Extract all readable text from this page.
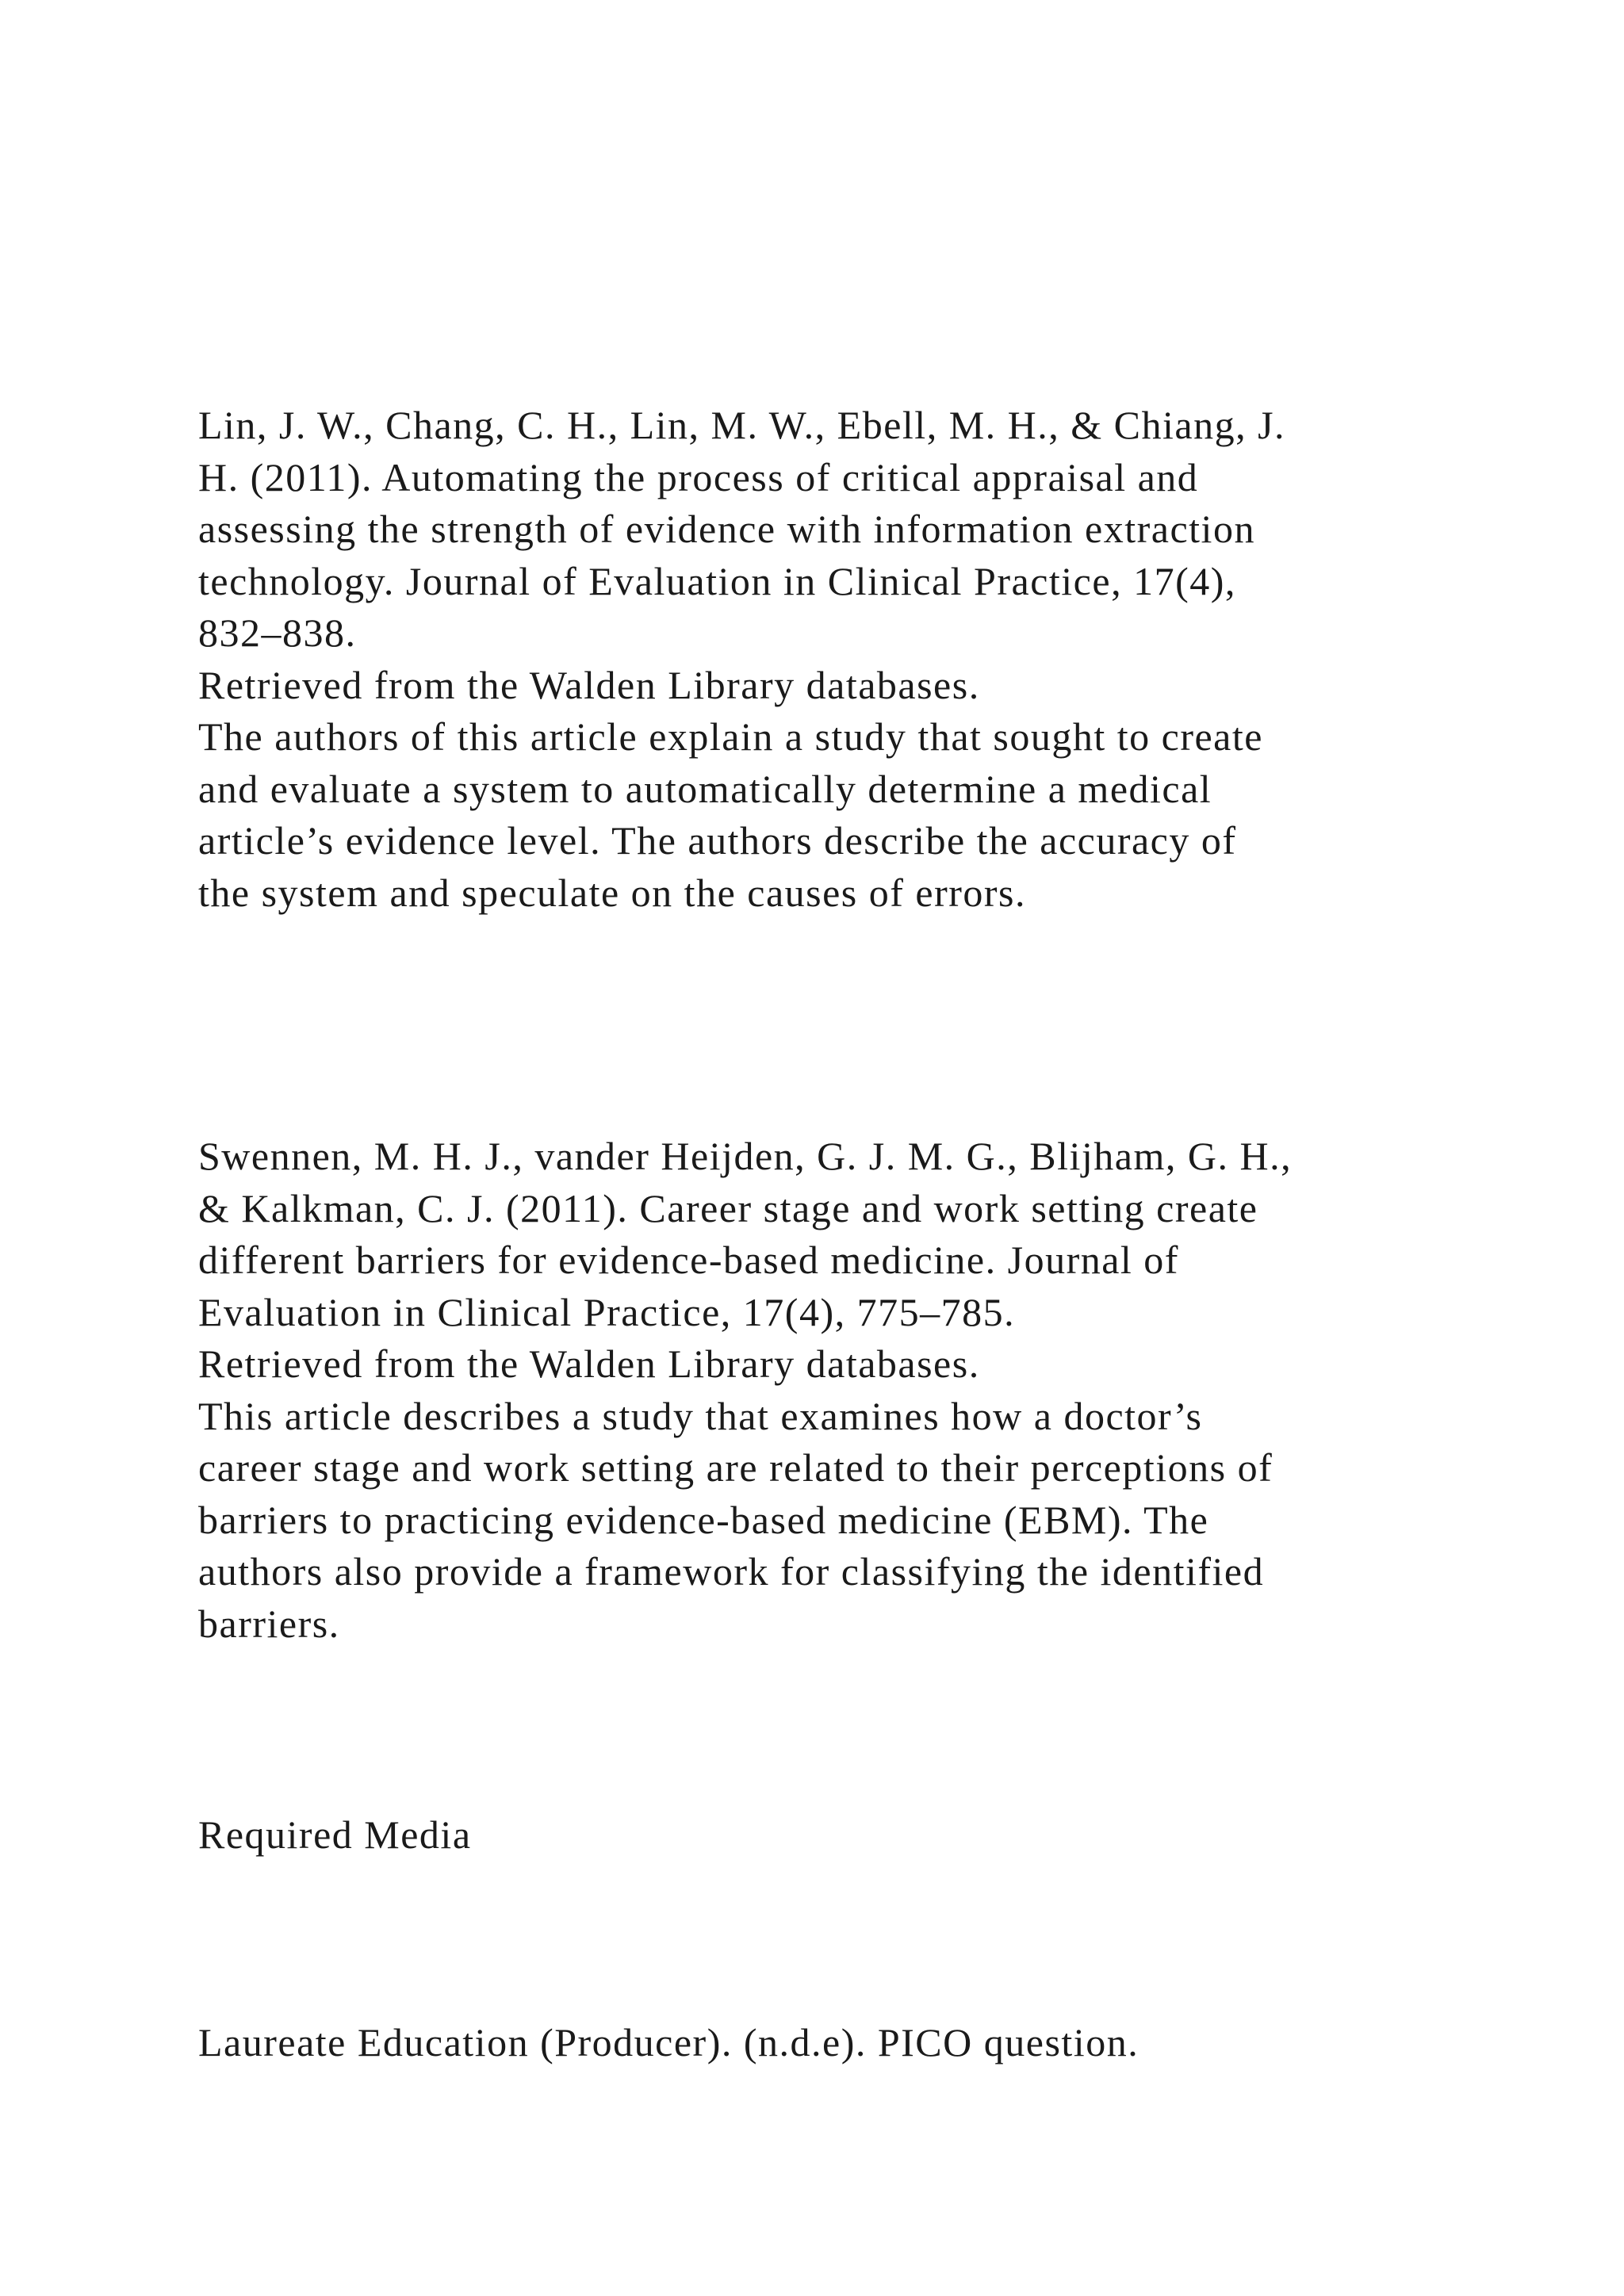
Lin, J. W., Chang, C. H., Lin, M. W., Ebell, M. H., & Chiang, J.
H. (2011). Automating the process of critical appraisal and
assessing the strength of evidence with information extraction
technology. Journal of Evaluation in Clinical Practice, 17(4),
832–838.
Retrieved from the Walden Library databases.
The authors of this article explain a study that sought to create
and evaluate a system to automatically determine a medical
article’s evidence level. The authors describe the accuracy of
the system and speculate on the causes of errors.
Swennen, M. H. J., vander Heijden, G. J. M. G., Blijham, G. H.,
& Kalkman, C. J. (2011). Career stage and work setting create
different barriers for evidence-based medicine. Journal of
Evaluation in Clinical Practice, 17(4), 775–785.
Retrieved from the Walden Library databases.
This article describes a study that examines how a doctor’s
career stage and work setting are related to their perceptions of
barriers to practicing evidence-based medicine (EBM). The
authors also provide a framework for classifying the identified
barriers.
Required Media
Laureate Education (Producer). (n.d.e). PICO question.
